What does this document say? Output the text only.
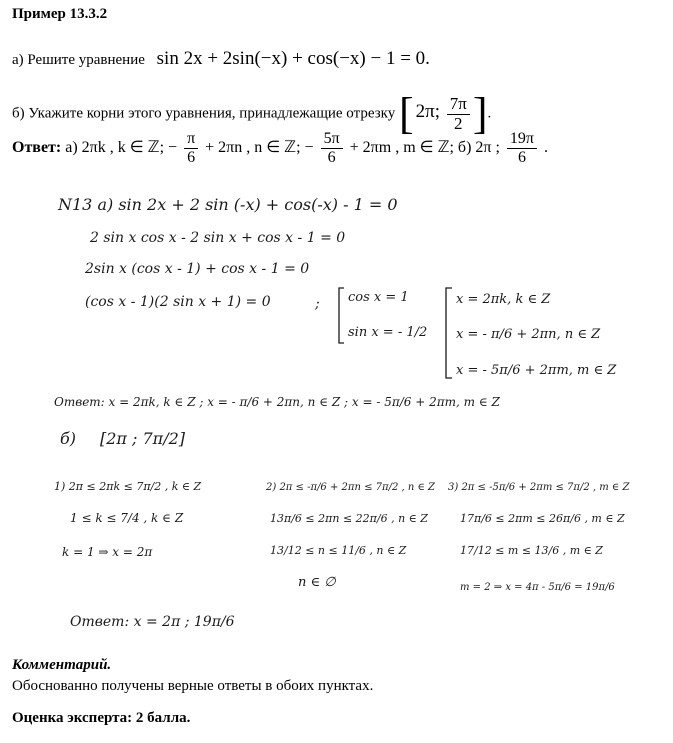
Пример 13.3.2
а) Решите уравнение sin 2x + 2sin(−x) + cos(−x) − 1 = 0.
б) Укажите корни этого уравнения, принадлежащие отрезку [ 2π; $\frac{7\pi}{2}$ ].
Ответ: а) 2πk , k ∈ ℤ; − $\frac{\pi}{6} + 2\pi n$ , n ∈ ℤ; − $\frac{5\pi}{6} + 2\pi m$ , m ∈ ℤ; б) 2π ; $\frac{19\pi}{6}$ .
N13 a) sin 2x + 2 sin (-x) + cos(-x) - 1 = 0
2 sin x cos x - 2 sin x + cos x - 1 = 0
2sin x (cos x - 1) + cos x - 1 = 0
(cos x - 1)(2 sin x + 1) = 0	; cos x = 1
sin x = - 1/2
x = 2πk, k ∈ Z
x = - π/6 + 2πn, n ∈ Z
x = - 5π/6 + 2πm, m ∈ Z
Ответ: x = 2πk, k ∈ Z ; x = - π/6 + 2πn, n ∈ Z ; x = - 5π/6 + 2πm, m ∈ Z
б) [2π ; 7π/2]
1) 2π ≤ 2πk ≤ 7π/2 , k ∈ Z
1 ≤ k ≤ 7/4 , k ∈ Z
k = 1 ⇒ x = 2π
2) 2π ≤ -π/6 + 2πn ≤ 7π/2 , n ∈ Z
13π/6 ≤ 2πn ≤ 22π/6 , n ∈ Z
13/12 ≤ n ≤ 11/6 , n ∈ Z
n ∈ ∅
3) 2π ≤ -5π/6 + 2πm ≤ 7π/2 , m ∈ Z
17π/6 ≤ 2πm ≤ 26π/6 , m ∈ Z
17/12 ≤ m ≤ 13/6 , m ∈ Z
m = 2 ⇒ x = 4π - 5π/6 = 19π/6
Ответ: x = 2π ; 19π/6
Комментарий.
Обоснованно получены верные ответы в обоих пунктах.
Оценка эксперта: 2 балла.
